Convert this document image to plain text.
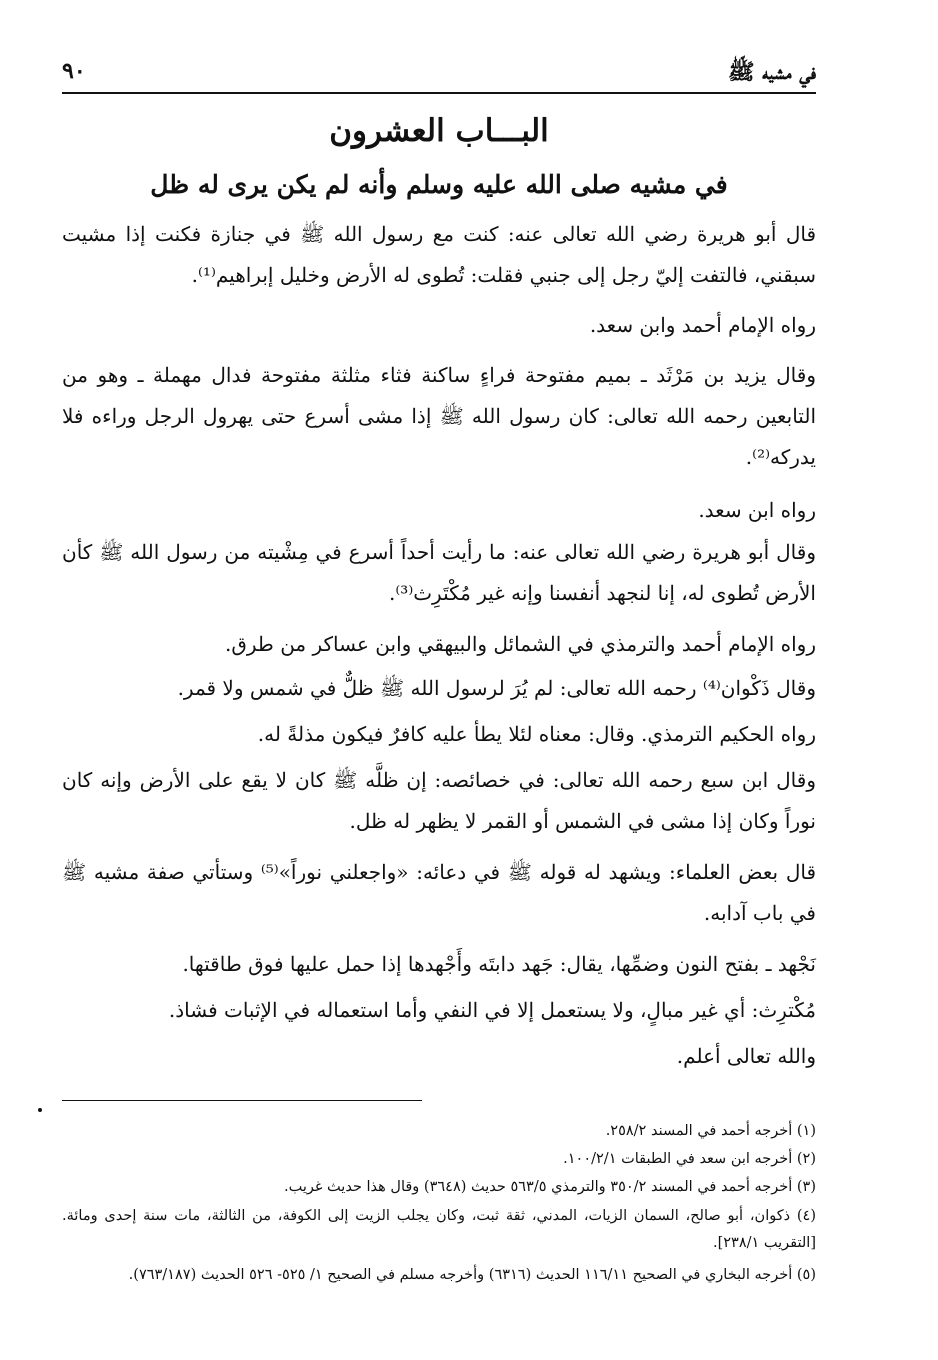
في مشيه ﷺ
٩٠
البـــاب العشرون
في مشيه صلى الله عليه وسلم وأنه لم يكن يرى له ظل
قال أبو هريرة رضي الله تعالى عنه: كنت مع رسول الله ﷺ في جنازة فكنت إذا مشيت سبقني، فالتفت إليّ رجل إلى جنبي فقلت: تُطوى له الأرض وخليل إبراهيم⁽¹⁾.
رواه الإمام أحمد وابن سعد.
وقال يزيد بن مَرْثَد ـ بميم مفتوحة فراءٍ ساكنة فثاء مثلثة مفتوحة فدال مهملة ـ وهو من التابعين رحمه الله تعالى: كان رسول الله ﷺ إذا مشى أسرع حتى يهرول الرجل وراءه فلا يدركه⁽²⁾.
رواه ابن سعد.
وقال أبو هريرة رضي الله تعالى عنه: ما رأيت أحداً أسرع في مِشْيته من رسول الله ﷺ كأن الأرض تُطوى له، إنا لنجهد أنفسنا وإنه غير مُكْتَرِث⁽³⁾.
رواه الإمام أحمد والترمذي في الشمائل والبيهقي وابن عساكر من طرق.
وقال ذَكْوان⁽⁴⁾ رحمه الله تعالى: لم يُرَ لرسول الله ﷺ ظلٌّ في شمس ولا قمر.
رواه الحكيم الترمذي. وقال: معناه لئلا يطأ عليه كافرٌ فيكون مذلةً له.
وقال ابن سبع رحمه الله تعالى: في خصائصه: إن ظلَّه ﷺ كان لا يقع على الأرض وإنه كان نوراً وكان إذا مشى في الشمس أو القمر لا يظهر له ظل.
قال بعض العلماء: ويشهد له قوله ﷺ في دعائه: «واجعلني نوراً»⁽⁵⁾ وستأتي صفة مشيه ﷺ في باب آدابه.
نَجْهد ـ بفتح النون وضمِّها، يقال: جَهد دابتَه وأَجْهدها إذا حمل عليها فوق طاقتها.
مُكْترِث: أي غير مبالٍ، ولا يستعمل إلا في النفي وأما استعماله في الإثبات فشاذ.
والله تعالى أعلم.
(١) أخرجه أحمد في المسند ٢٥٨/٢.
(٢) أخرجه ابن سعد في الطبقات ١٠٠/٢/١.
(٣) أخرجه أحمد في المسند ٣٥٠/٢ والترمذي ٥٦٣/٥ حديث (٣٦٤٨) وقال هذا حديث غريب.
(٤) ذكوان، أبو صالح، السمان الزيات، المدني، ثقة ثبت، وكان يجلب الزيت إلى الكوفة، من الثالثة، مات سنة إحدى ومائة. [التقريب ٢٣٨/١].
(٥) أخرجه البخاري في الصحيح ١١٦/١١ الحديث (٦٣١٦) وأخرجه مسلم في الصحيح ١/ ٥٢٥- ٥٢٦ الحديث (٧٦٣/١٨٧).
